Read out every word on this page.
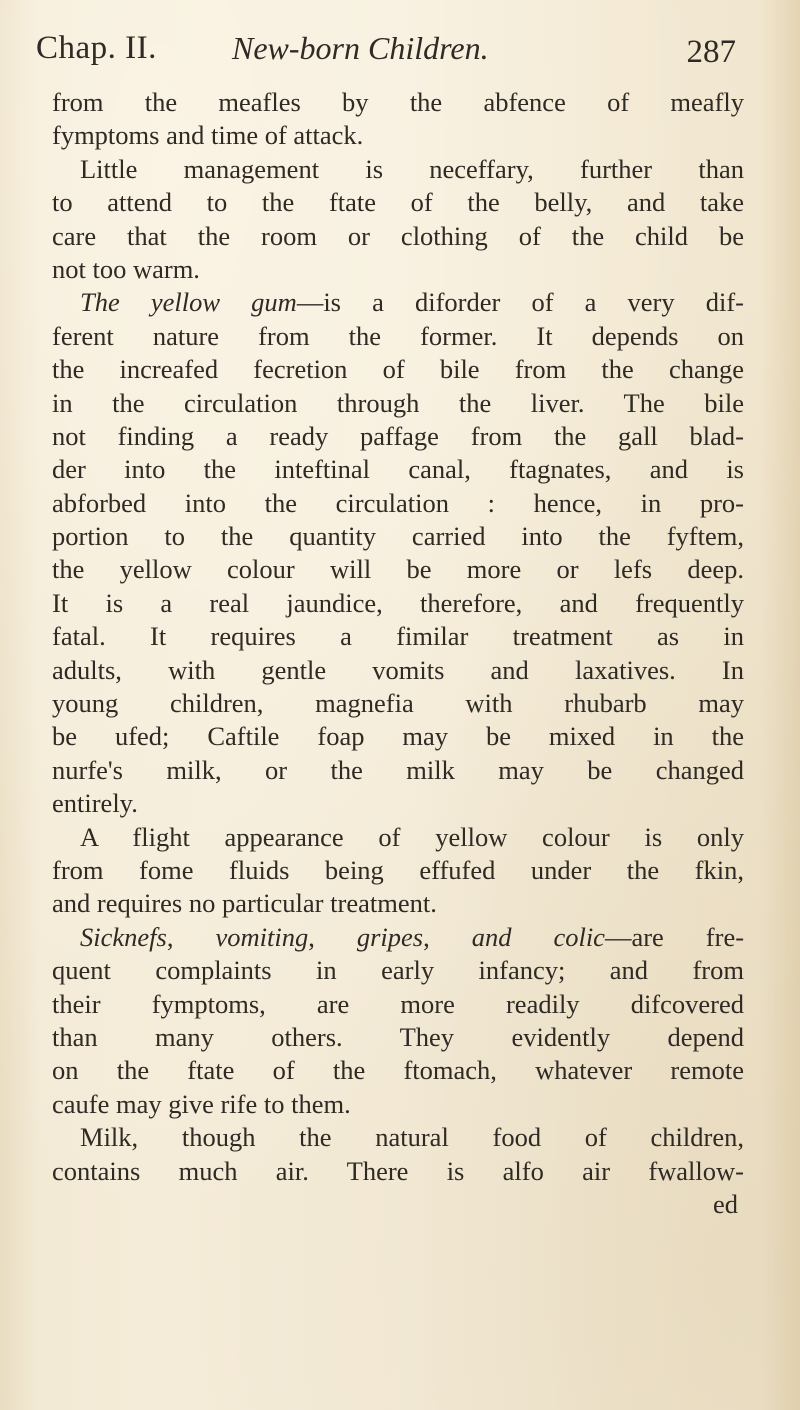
Chap. II. New-born Children.	287
from the meafles by the abfence of meafly
fymptoms and time of attack.
Little management is neceffary, further than
to attend to the ftate of the belly, and take
care that the room or clothing of the child be
not too warm.
The yellow gum—is a diforder of a very dif-
ferent nature from the former. It depends on
the increafed fecretion of bile from the change
in the circulation through the liver. The bile
not finding a ready paffage from the gall blad-
der into the inteftinal canal, ftagnates, and is
abforbed into the circulation : hence, in pro-
portion to the quantity carried into the fyftem,
the yellow colour will be more or lefs deep.
It is a real jaundice, therefore, and frequently
fatal. It requires a fimilar treatment as in
adults, with gentle vomits and laxatives. In
young children, magnefia with rhubarb may
be ufed; Caftile foap may be mixed in the
nurfe's milk, or the milk may be changed
entirely.
A flight appearance of yellow colour is only
from fome fluids being effufed under the fkin,
and requires no particular treatment.
Sicknefs, vomiting, gripes, and colic—are fre-
quent complaints in early infancy; and from
their fymptoms, are more readily difcovered
than many others. They evidently depend
on the ftate of the ftomach, whatever remote
caufe may give rife to them.
Milk, though the natural food of children,
contains much air. There is alfo air fwallow-
ed
